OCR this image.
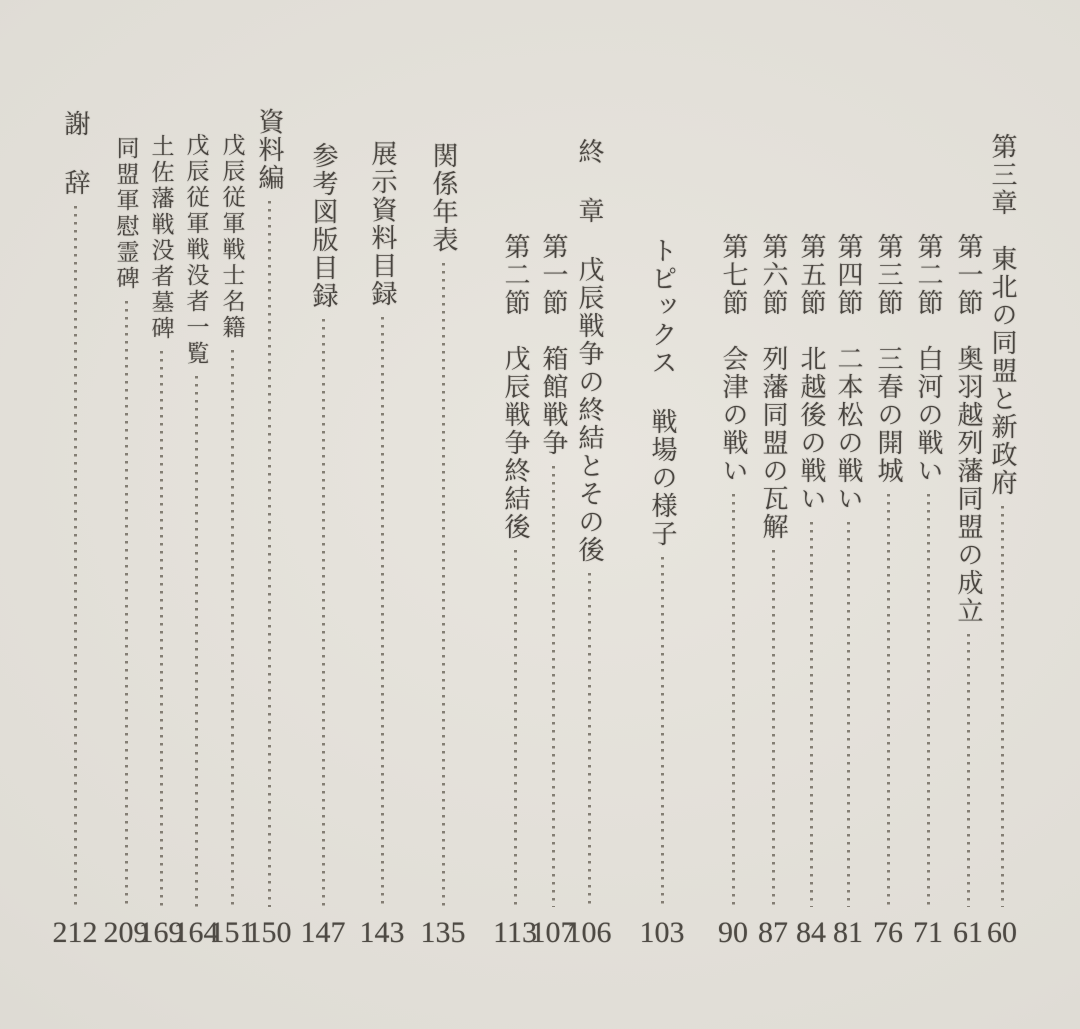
第三章　東北の同盟と新政府
60
第一節　奥羽越列藩同盟の成立
61
第二節　白河の戦い
71
第三節　三春の開城
76
第四節　二本松の戦い
81
第五節　北越後の戦い
84
第六節　列藩同盟の瓦解
87
第七節　会津の戦い
90
トピックス 戦場の様子
103
終 章 戊辰戦争の終結とその後
106
第一節　箱館戦争
107
第二節　戊辰戦争終結後
113
関係年表
135
展示資料目録
143
参考図版目録
147
資料編
150
戊辰従軍戦士名籍
151
戊辰従軍戦没者一覧
164
土佐藩戦没者墓碑
169
同盟軍慰霊碑
209
謝 辞
212
